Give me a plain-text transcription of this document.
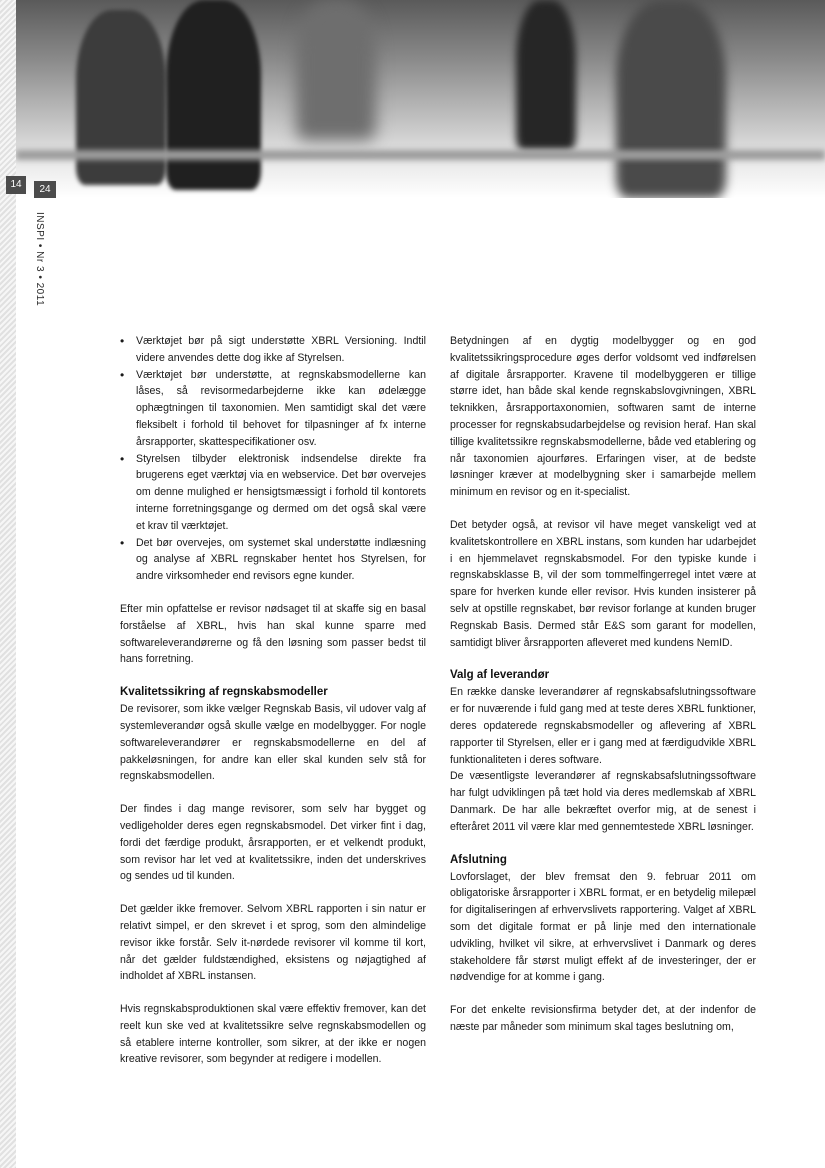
14	24
INSPI • Nr 3 • 2011
• Værktøjet bør på sigt understøtte XBRL Versioning. Indtil videre anvendes dette dog ikke af Styrelsen.
• Værktøjet bør understøtte, at regnskabsmodellerne kan låses, så revisormedarbejderne ikke kan ødelægge ophægtningen til taxonomien. Men samtidigt skal det være fleksibelt i forhold til behovet for tilpasninger af fx interne årsrapporter, skattespecifikationer osv.
• Styrelsen tilbyder elektronisk indsendelse direkte fra brugerens eget værktøj via en webservice. Det bør overvejes om denne mulighed er hensigtsmæssigt i forhold til kontorets interne forretningsgange og dermed om det også skal være et krav til værktøjet.
• Det bør overvejes, om systemet skal understøtte indlæsning og analyse af XBRL regnskaber hentet hos Styrelsen, for andre virksomheder end revisors egne kunder.

Efter min opfattelse er revisor nødsaget til at skaffe sig en basal forståelse af XBRL, hvis han skal kunne sparre med softwareleverandørerne og få den løsning som passer bedst til hans forretning.

Kvalitetssikring af regnskabsmodeller

De revisorer, som ikke vælger Regnskab Basis, vil udover valg af systemleverandør også skulle vælge en modelbygger. For nogle softwareleverandører er regnskabsmodellerne en del af pakkeløsningen, for andre kan eller skal kunden selv stå for regnskabsmodellen.

Der findes i dag mange revisorer, som selv har bygget og vedligeholder deres egen regnskabsmodel. Det virker fint i dag, fordi det færdige produkt, årsrapporten, er et velkendt produkt, som revisor har let ved at kvalitetssikre, inden det underskrives og sendes ud til kunden.

Det gælder ikke fremover. Selvom XBRL rapporten i sin natur er relativt simpel, er den skrevet i et sprog, som den almindelige revisor ikke forstår. Selv it-nørdede revisorer vil komme til kort, når det gælder fuldstændighed, eksistens og nøjagtighed af indholdet af XBRL instansen.

Hvis regnskabsproduktionen skal være effektiv fremover, kan det reelt kun ske ved at kvalitetssikre selve regnskabsmodellen og så etablere interne kontroller, som sikrer, at der ikke er nogen kreative revisorer, som begynder at redigere i modellen.

Betydningen af en dygtig modelbygger og en god kvalitetssikringsprocedure øges derfor voldsomt ved indførelsen af digitale årsrapporter. Kravene til modelbyggeren er tillige større idet, han både skal kende regnskabslovgivningen, XBRL teknikken, årsrapportaxonomien, softwaren samt de interne processer for regnskabsudarbejdelse og revision heraf. Han skal tillige kvalitetssikre regnskabsmodellerne, både ved etablering og når taxonomien ajourføres. Erfaringen viser, at de bedste løsninger kræver at modelbygning sker i samarbejde mellem minimum en revisor og en it-specialist.

Det betyder også, at revisor vil have meget vanskeligt ved at kvalitetskontrollere en XBRL instans, som kunden har udarbejdet i en hjemmelavet regnskabsmodel. For den typiske kunde i regnskabsklasse B, vil der som tommelfingerregel intet være at spare for hverken kunde eller revisor. Hvis kunden insisterer på selv at opstille regnskabet, bør revisor forlange at kunden bruger Regnskab Basis. Dermed står E&S som garant for modellen, samtidigt bliver årsrapporten afleveret med kundens NemID.

Valg af leverandør

En række danske leverandører af regnskabsafslutningssoftware er for nuværende i fuld gang med at teste deres XBRL funktioner, deres opdaterede regnskabsmodeller og aflevering af XBRL rapporter til Styrelsen, eller er i gang med at færdigudvikle XBRL funktionaliteten i deres software.

De væsentligste leverandører af regnskabsafslutningssoftware har fulgt udviklingen på tæt hold via deres medlemskab af XBRL Danmark. De har alle bekræftet overfor mig, at de senest i efteråret 2011 vil være klar med gennemtestede XBRL løsninger.

Afslutning

Lovforslaget, der blev fremsat den 9. februar 2011 om obligatoriske årsrapporter i XBRL format, er en betydelig milepæl for digitaliseringen af erhvervslivets rapportering. Valget af XBRL som det digitale format er på linje med den internationale udvikling, hvilket vil sikre, at erhvervslivet i Danmark og deres stakeholdere får størst muligt effekt af de investeringer, der er nødvendige for at komme i gang.

For det enkelte revisionsfirma betyder det, at der indenfor de næste par måneder som minimum skal tages beslutning om,
